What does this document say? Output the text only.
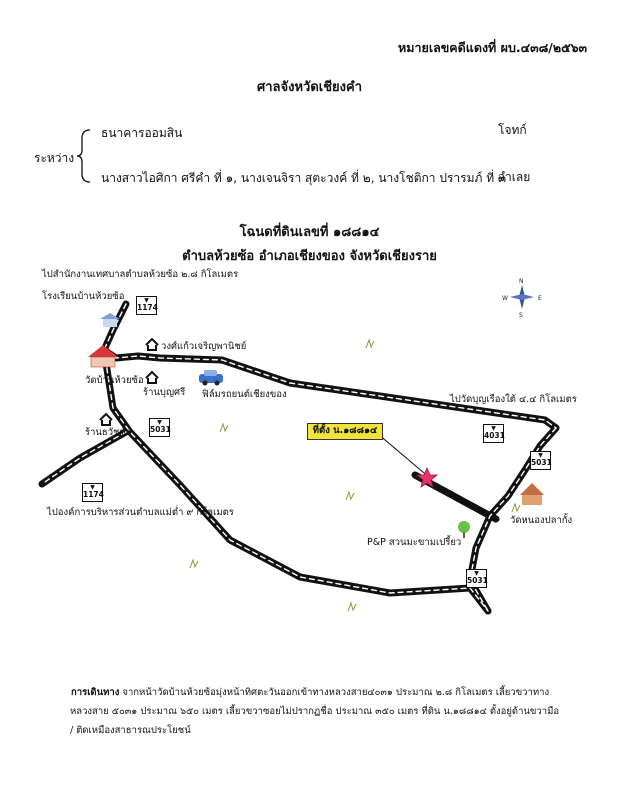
หมายเลขคดีแดงที่ ผบ.๔๓๘/๒๕๖๓
ศาลจังหวัดเชียงคำ
ระหว่าง
ธนาคารออมสิน	โจทก์
นางสาวไอศิกา ศรีคำ ที่ ๑, นางเจนจิรา สุตะวงค์ ที่ ๒, นางโชติกา ปรารมภ์ ที่ ๓
จำเลย
โฉนดที่ดินเลขที่ ๑๘๘๑๔
ตำบลห้วยซ้อ อำเภอเชียงของ จังหวัดเชียงราย
N
S
E
W
▼
1174
▼
5031	▼
4031
▼
5031
▼
1174
▼
5031
ไปสำนักงานเทศบาลตำบลห้วยซ้อ ๒.๘ กิโลเมตร
โรงเรียนบ้านห้วยซ้อ
วัดบ้านห้วยซ้อ
วงศ์แก้วเจริญพานิชย์
ร้านบุญศรี ฟิล์มรถยนต์เชียงของ	ไปวัดบุญเรืองใต้ ๔.๔ กิโลเมตร
ร้านธวัชชัย
ไปองค์การบริหารส่วนตำบลแม่ต่ำ ๙ กิโลเมตร
วัดหนองปลากั้ง
P&P สวนมะขามเปรี้ยว
ที่ตั้ง น.๑๘๘๑๔
การเดินทาง จากหน้าวัดบ้านห้วยซ้อมุ่งหน้าทิศตะวันออกเข้าทางหลวงสาย๔๐๓๑ ประมาณ ๒.๘ กิโลเมตร เลี้ยวขวาทาง
หลวงสาย ๕๐๓๑ ประมาณ ๖๕๐ เมตร เลี้ยวขวาซอยไม่ปรากฏชื่อ ประมาณ ๓๕๐ เมตร ที่ดิน น.๑๘๘๑๔ ตั้งอยู่ด้านขวามือ
/ ติดเหมืองสาธารณประโยชน์
